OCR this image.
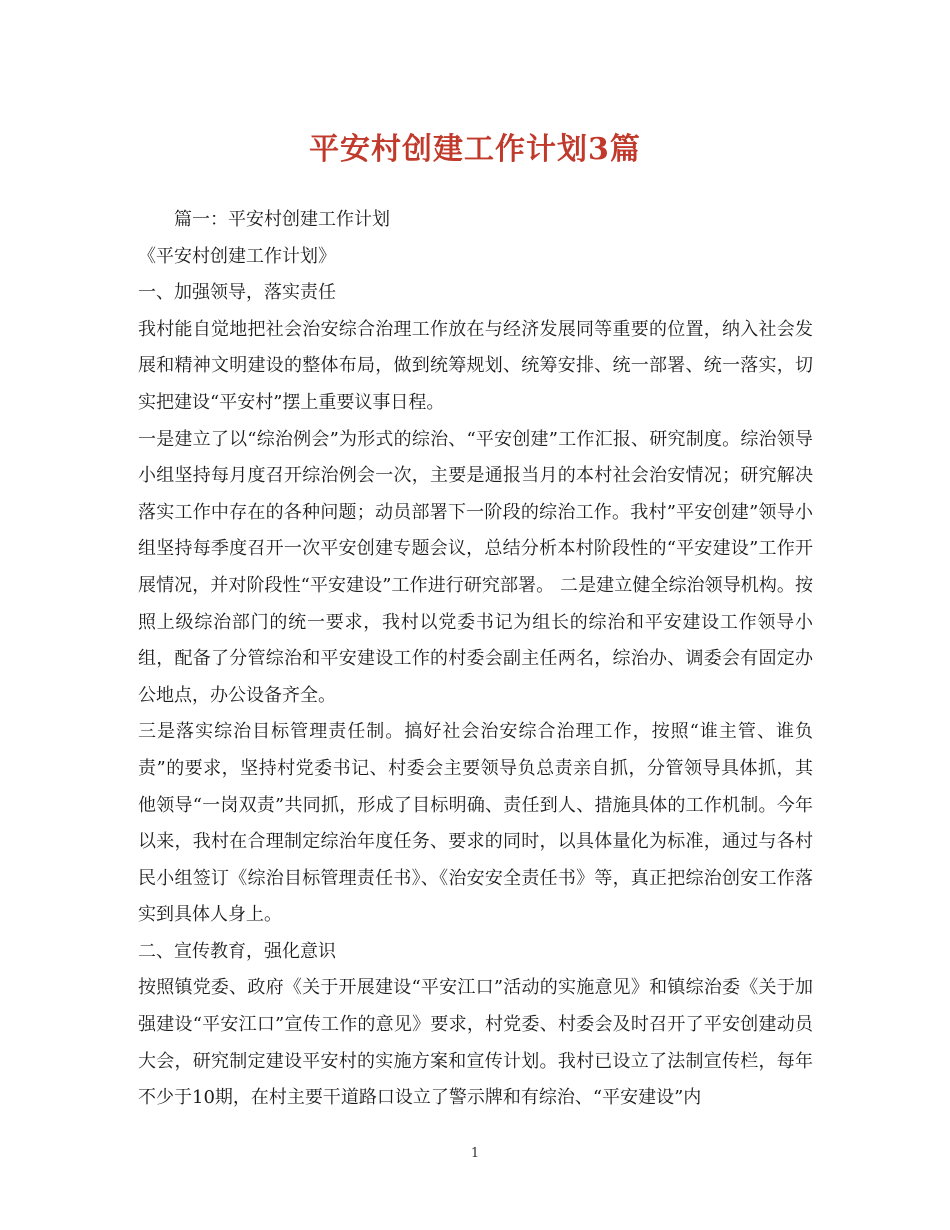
平安村创建工作计划3篇

篇一：平安村创建工作计划

《平安村创建工作计划》

一、加强领导，落实责任

我村能自觉地把社会治安综合治理工作放在与经济发展同等重要的位置，纳入社会发展和精神文明建设的整体布局，做到统筹规划、统筹安排、统一部署、统一落实，切实把建设“平安村”摆上重要议事日程。

一是建立了以“综治例会”为形式的综治、“平安创建”工作汇报、研究制度。综治领导小组坚持每月度召开综治例会一次，主要是通报当月的本村社会治安情况；研究解决落实工作中存在的各种问题；动员部署下一阶段的综治工作。我村”平安创建”领导小组坚持每季度召开一次平安创建专题会议，总结分析本村阶段性的“平安建设”工作开展情况，并对阶段性“平安建设”工作进行研究部署。 二是建立健全综治领导机构。按照上级综治部门的统一要求，我村以党委书记为组长的综治和平安建设工作领导小组，配备了分管综治和平安建设工作的村委会副主任两名，综治办、调委会有固定办公地点，办公设备齐全。

三是落实综治目标管理责任制。搞好社会治安综合治理工作，按照“谁主管、谁负责”的要求，坚持村党委书记、村委会主要领导负总责亲自抓，分管领导具体抓，其他领导“一岗双责”共同抓，形成了目标明确、责任到人、措施具体的工作机制。今年以来，我村在合理制定综治年度任务、要求的同时，以具体量化为标准，通过与各村民小组签订《综治目标管理责任书》、《治安安全责任书》等，真正把综治创安工作落实到具体人身上。

二、宣传教育，强化意识

按照镇党委、政府《关于开展建设“平安江口”活动的实施意见》和镇综治委《关于加强建设“平安江口”宣传工作的意见》要求，村党委、村委会及时召开了平安创建动员大会，研究制定建设平安村的实施方案和宣传计划。我村已设立了法制宣传栏，每年不少于10期，在村主要干道路口设立了警示牌和有综治、“平安建设”内

1
